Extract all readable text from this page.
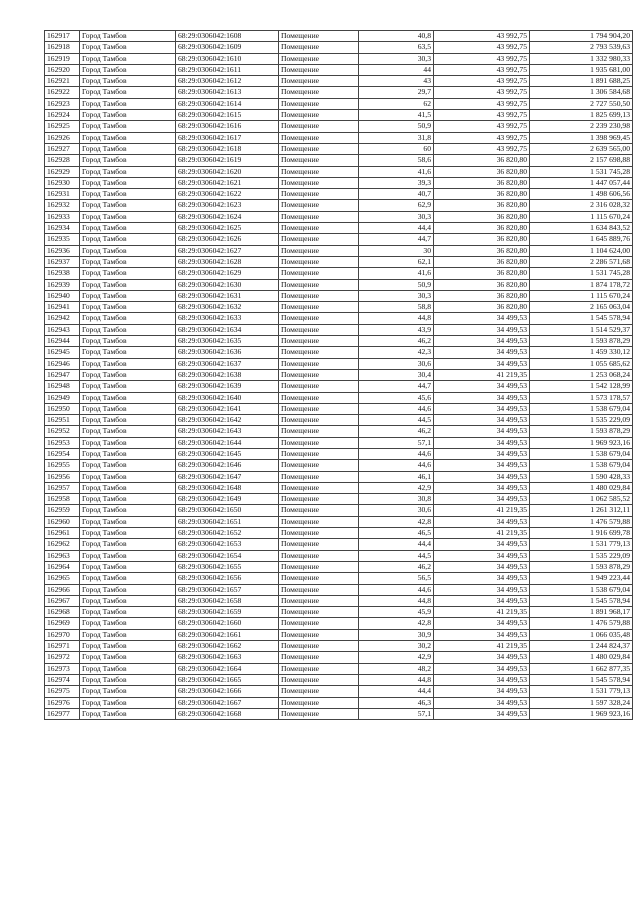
162917	Город Тамбов	68:29:0306042:1608	Помещение	40,8	43 992,75	1 794 904,20
162918	Город Тамбов	68:29:0306042:1609	Помещение	63,5	43 992,75	2 793 539,63
162919	Город Тамбов	68:29:0306042:1610	Помещение	30,3	43 992,75	1 332 980,33
162920	Город Тамбов	68:29:0306042:1611	Помещение	44	43 992,75	1 935 681,00
162921	Город Тамбов	68:29:0306042:1612	Помещение	43	43 992,75	1 891 688,25
162922	Город Тамбов	68:29:0306042:1613	Помещение	29,7	43 992,75	1 306 584,68
162923	Город Тамбов	68:29:0306042:1614	Помещение	62	43 992,75	2 727 550,50
162924	Город Тамбов	68:29:0306042:1615	Помещение	41,5	43 992,75	1 825 699,13
162925	Город Тамбов	68:29:0306042:1616	Помещение	50,9	43 992,75	2 239 230,98
162926	Город Тамбов	68:29:0306042:1617	Помещение	31,8	43 992,75	1 398 969,45
162927	Город Тамбов	68:29:0306042:1618	Помещение	60	43 992,75	2 639 565,00
162928	Город Тамбов	68:29:0306042:1619	Помещение	58,6	36 820,80	2 157 698,88
162929	Город Тамбов	68:29:0306042:1620	Помещение	41,6	36 820,80	1 531 745,28
162930	Город Тамбов	68:29:0306042:1621	Помещение	39,3	36 820,80	1 447 057,44
162931	Город Тамбов	68:29:0306042:1622	Помещение	40,7	36 820,80	1 498 606,56
162932	Город Тамбов	68:29:0306042:1623	Помещение	62,9	36 820,80	2 316 028,32
162933	Город Тамбов	68:29:0306042:1624	Помещение	30,3	36 820,80	1 115 670,24
162934	Город Тамбов	68:29:0306042:1625	Помещение	44,4	36 820,80	1 634 843,52
162935	Город Тамбов	68:29:0306042:1626	Помещение	44,7	36 820,80	1 645 889,76
162936	Город Тамбов	68:29:0306042:1627	Помещение	30	36 820,80	1 104 624,00
162937	Город Тамбов	68:29:0306042:1628	Помещение	62,1	36 820,80	2 286 571,68
162938	Город Тамбов	68:29:0306042:1629	Помещение	41,6	36 820,80	1 531 745,28
162939	Город Тамбов	68:29:0306042:1630	Помещение	50,9	36 820,80	1 874 178,72
162940	Город Тамбов	68:29:0306042:1631	Помещение	30,3	36 820,80	1 115 670,24
162941	Город Тамбов	68:29:0306042:1632	Помещение	58,8	36 820,80	2 165 063,04
162942	Город Тамбов	68:29:0306042:1633	Помещение	44,8	34 499,53	1 545 578,94
162943	Город Тамбов	68:29:0306042:1634	Помещение	43,9	34 499,53	1 514 529,37
162944	Город Тамбов	68:29:0306042:1635	Помещение	46,2	34 499,53	1 593 878,29
162945	Город Тамбов	68:29:0306042:1636	Помещение	42,3	34 499,53	1 459 330,12
162946	Город Тамбов	68:29:0306042:1637	Помещение	30,6	34 499,53	1 055 685,62
162947	Город Тамбов	68:29:0306042:1638	Помещение	30,4	41 219,35	1 253 068,24
162948	Город Тамбов	68:29:0306042:1639	Помещение	44,7	34 499,53	1 542 128,99
162949	Город Тамбов	68:29:0306042:1640	Помещение	45,6	34 499,53	1 573 178,57
162950	Город Тамбов	68:29:0306042:1641	Помещение	44,6	34 499,53	1 538 679,04
162951	Город Тамбов	68:29:0306042:1642	Помещение	44,5	34 499,53	1 535 229,09
162952	Город Тамбов	68:29:0306042:1643	Помещение	46,2	34 499,53	1 593 878,29
162953	Город Тамбов	68:29:0306042:1644	Помещение	57,1	34 499,53	1 969 923,16
162954	Город Тамбов	68:29:0306042:1645	Помещение	44,6	34 499,53	1 538 679,04
162955	Город Тамбов	68:29:0306042:1646	Помещение	44,6	34 499,53	1 538 679,04
162956	Город Тамбов	68:29:0306042:1647	Помещение	46,1	34 499,53	1 590 428,33
162957	Город Тамбов	68:29:0306042:1648	Помещение	42,9	34 499,53	1 480 029,84
162958	Город Тамбов	68:29:0306042:1649	Помещение	30,8	34 499,53	1 062 585,52
162959	Город Тамбов	68:29:0306042:1650	Помещение	30,6	41 219,35	1 261 312,11
162960	Город Тамбов	68:29:0306042:1651	Помещение	42,8	34 499,53	1 476 579,88
162961	Город Тамбов	68:29:0306042:1652	Помещение	46,5	41 219,35	1 916 699,78
162962	Город Тамбов	68:29:0306042:1653	Помещение	44,4	34 499,53	1 531 779,13
162963	Город Тамбов	68:29:0306042:1654	Помещение	44,5	34 499,53	1 535 229,09
162964	Город Тамбов	68:29:0306042:1655	Помещение	46,2	34 499,53	1 593 878,29
162965	Город Тамбов	68:29:0306042:1656	Помещение	56,5	34 499,53	1 949 223,44
162966	Город Тамбов	68:29:0306042:1657	Помещение	44,6	34 499,53	1 538 679,04
162967	Город Тамбов	68:29:0306042:1658	Помещение	44,8	34 499,53	1 545 578,94
162968	Город Тамбов	68:29:0306042:1659	Помещение	45,9	41 219,35	1 891 968,17
162969	Город Тамбов	68:29:0306042:1660	Помещение	42,8	34 499,53	1 476 579,88
162970	Город Тамбов	68:29:0306042:1661	Помещение	30,9	34 499,53	1 066 035,48
162971	Город Тамбов	68:29:0306042:1662	Помещение	30,2	41 219,35	1 244 824,37
162972	Город Тамбов	68:29:0306042:1663	Помещение	42,9	34 499,53	1 480 029,84
162973	Город Тамбов	68:29:0306042:1664	Помещение	48,2	34 499,53	1 662 877,35
162974	Город Тамбов	68:29:0306042:1665	Помещение	44,8	34 499,53	1 545 578,94
162975	Город Тамбов	68:29:0306042:1666	Помещение	44,4	34 499,53	1 531 779,13
162976	Город Тамбов	68:29:0306042:1667	Помещение	46,3	34 499,53	1 597 328,24
162977	Город Тамбов	68:29:0306042:1668	Помещение	57,1	34 499,53	1 969 923,16
